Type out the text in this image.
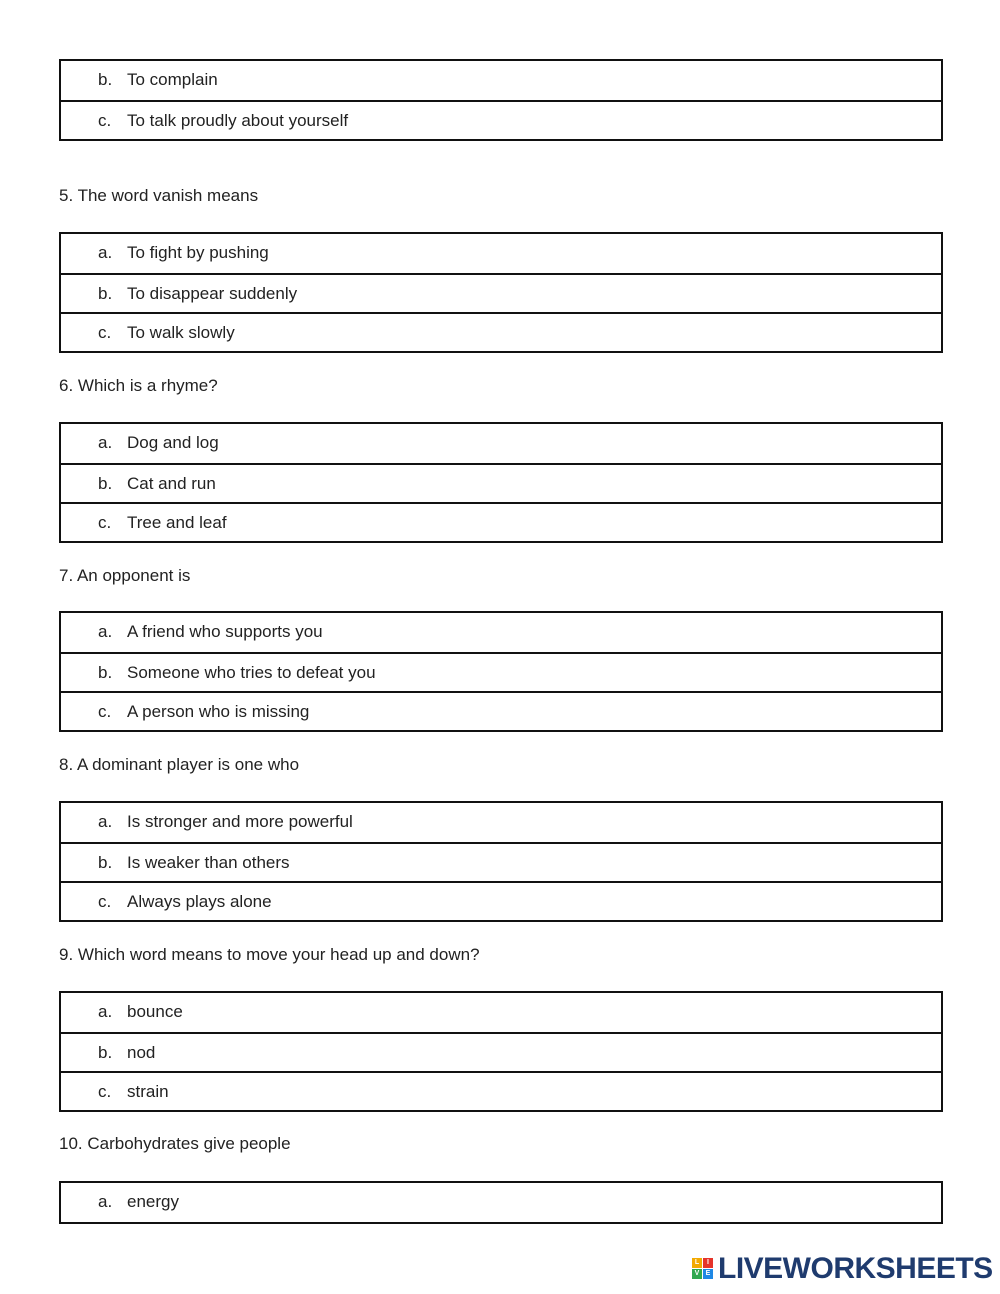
b. To complain
c. To talk proudly about yourself

5. The word vanish means

a. To fight by pushing
b. To disappear suddenly
c. To walk slowly

6. Which is a rhyme?

a. Dog and log
b. Cat and run
c. Tree and leaf

7. An opponent is

a. A friend who supports you
b. Someone who tries to defeat you
c. A person who is missing

8. A dominant player is one who

a. Is stronger and more powerful
b. Is weaker than others
c. Always plays alone

9. Which word means to move your head up and down?

a. bounce
b. nod
c. strain

10. Carbohydrates give people

a. energy
L	I
V E LIVEWORKSHEETS
